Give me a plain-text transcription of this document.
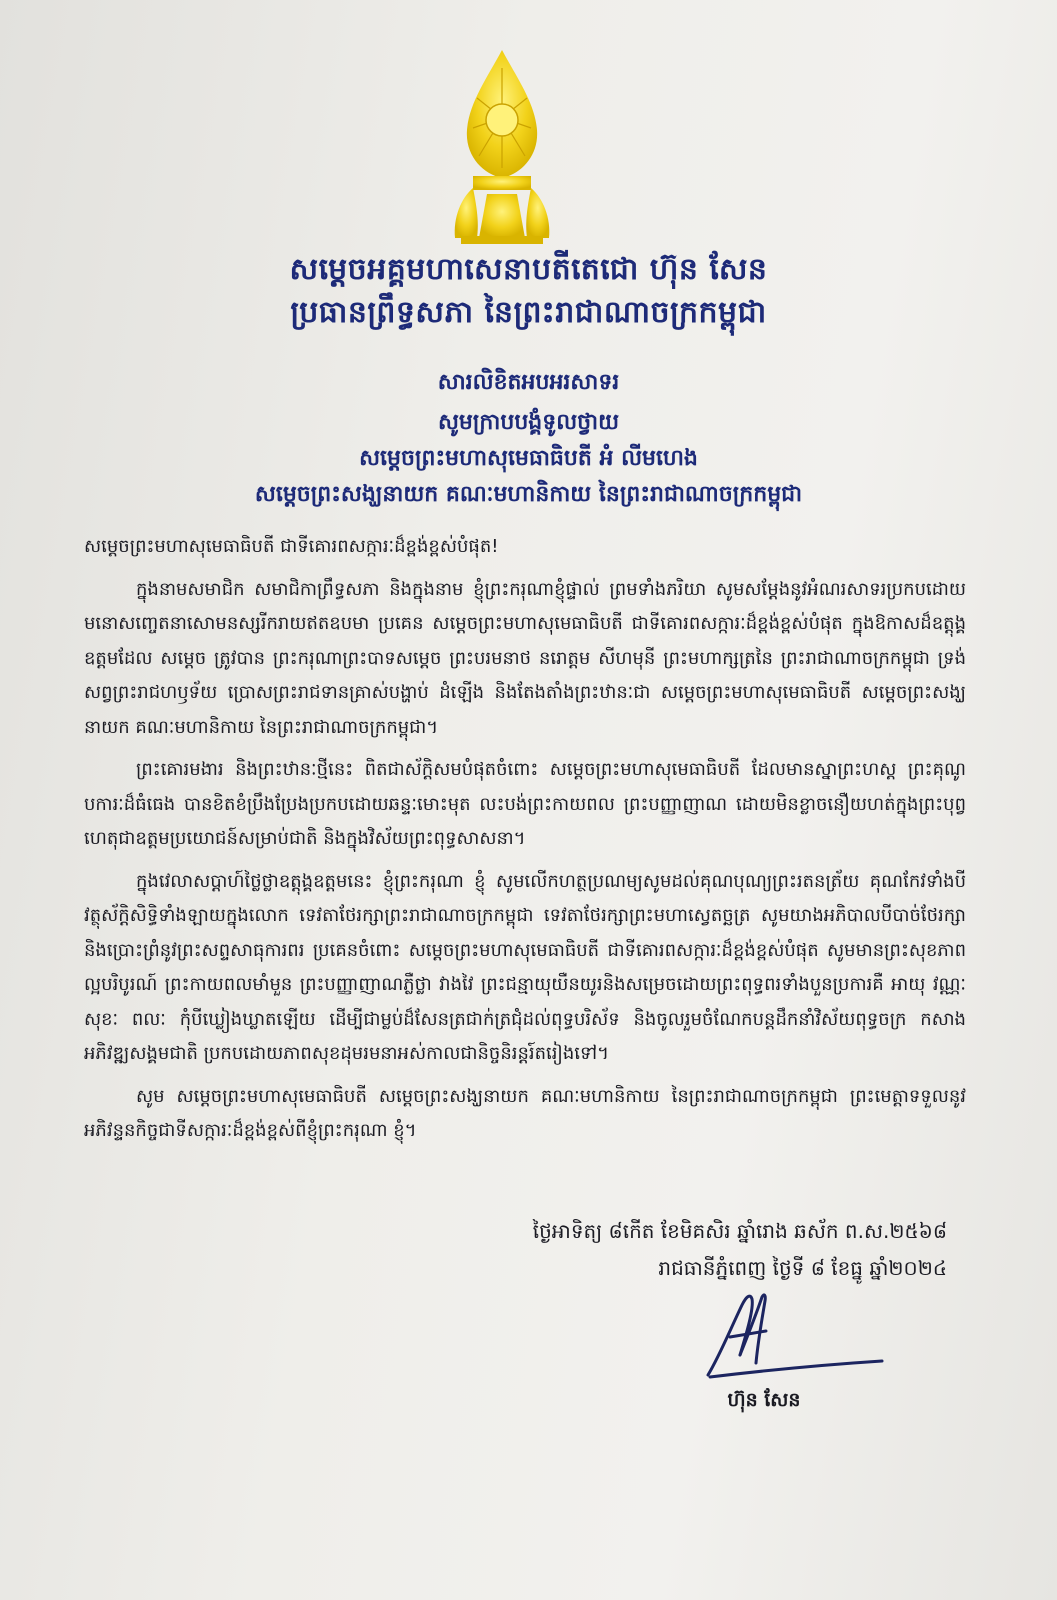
សម្តេចអគ្គមហាសេនាបតីតេជោ ហ៊ុន សែន
ប្រធានព្រឹទ្ធសភា នៃព្រះរាជាណាចក្រកម្ពុជា
សារលិខិតអបអរសាទរ
សូមក្រាបបង្គំទូលថ្វាយ
សម្តេចព្រះមហាសុមេធាធិបតី អំ លីមហេង
សម្តេចព្រះសង្ឃនាយក គណៈមហានិកាយ នៃព្រះរាជាណាចក្រកម្ពុជា

សម្តេចព្រះមហាសុមេធាធិបតី ជាទីគោរពសក្ការៈដ៏ខ្ពង់ខ្ពស់បំផុត!

ក្នុងនាមសមាជិក សមាជិកាព្រឹទ្ធសភា និងក្នុងនាម ខ្ញុំព្រះករុណាខ្ញុំផ្ទាល់ ព្រមទាំងភរិយា សូមសម្តែងនូវអំណរសាទរប្រកបដោយមនោសញ្ចេតនាសោមនស្សរីករាយឥតឧបមា ប្រគេន សម្តេចព្រះមហាសុមេធាធិបតី ជាទីគោរពសក្ការៈដ៏ខ្ពង់ខ្ពស់បំផុត ក្នុងឱកាសដ៏ឧត្តុង្គឧត្តមដែល សម្តេច ត្រូវបាន ព្រះករុណាព្រះបាទសម្តេច ព្រះបរមនាថ នរោត្តម សីហមុនី ព្រះមហាក្សត្រនៃ ព្រះរាជាណាចក្រកម្ពុជា ទ្រង់សព្វព្រះរាជហឫទ័យ ប្រោសព្រះរាជទានគ្រាស់បង្ហាប់ ដំឡើង និងតែងតាំងព្រះឋានៈជា សម្តេចព្រះមហាសុមេធាធិបតី សម្តេចព្រះសង្ឃនាយក គណៈមហានិកាយ នៃព្រះរាជាណាចក្រកម្ពុជា។

ព្រះគោរមងារ និងព្រះឋានៈថ្មីនេះ ពិតជាស័ក្តិសមបំផុតចំពោះ សម្តេចព្រះមហាសុមេធាធិបតី ដែលមានស្នាព្រះហស្ត ព្រះគុណូបការៈដ៏ធំធេង បានខិតខំប្រឹងប្រែងប្រកបដោយឆន្ទៈមោះមុត លះបង់ព្រះកាយពល ព្រះបញ្ញាញាណ ដោយមិនខ្លាចនឿយហត់ក្នុងព្រះបុព្វហេតុជាឧត្តមប្រយោជន៍សម្រាប់ជាតិ និងក្នុងវិស័យព្រះពុទ្ធសាសនា។

ក្នុងវេលាសប្តាហ៍ថ្លៃថ្លាឧត្តុង្គឧត្តមនេះ ខ្ញុំព្រះករុណា ខ្ញុំ សូមលើកហត្ថប្រណម្យសូមដល់គុណបុណ្យព្រះរតនត្រ័យ គុណកែវទាំងបី វត្ថុស័ក្តិសិទ្ធិទាំងឡាយក្នុងលោក ទេវតាថែរក្សាព្រះរាជាណាចក្រកម្ពុជា ទេវតាថែរក្សាព្រះមហាស្វេតច្ឆត្រ សូមយាងអភិបាលបីបាច់ថែរក្សា និងប្រោះព្រំនូវព្រះសព្ទសាធុការពរ ប្រគេនចំពោះ សម្តេចព្រះមហាសុមេធាធិបតី ជាទីគោរពសក្ការៈដ៏ខ្ពង់ខ្ពស់បំផុត សូមមានព្រះសុខភាពល្អបរិបូរណ៍ ព្រះកាយពលមាំមួន ព្រះបញ្ញាញាណភ្លឺថ្លា វាងវៃ ព្រះជន្មាយុយឺនយូរនិងសម្រេចដោយព្រះពុទ្ធពរទាំងបួនប្រការគឺ អាយុ វណ្ណៈ សុខៈ ពលៈ កុំបីឃ្លៀងឃ្លាតឡើយ ដើម្បីជាម្លប់ដ៏សែនត្រជាក់ត្រជុំដល់ពុទ្ធបរិស័ទ និងចូលរួមចំណែកបន្តដឹកនាំវិស័យពុទ្ធចក្រ កសាងអភិវឌ្ឍសង្គមជាតិ ប្រកបដោយភាពសុខដុមរមនាអស់កាលជានិច្ចនិរន្តរ៍តរៀងទៅ។

សូម សម្តេចព្រះមហាសុមេធាធិបតី សម្តេចព្រះសង្ឃនាយក គណៈមហានិកាយ នៃព្រះរាជាណាចក្រកម្ពុជា ព្រះមេត្តាទទួលនូវអភិវន្ទនកិច្ចជាទីសក្ការៈដ៏ខ្ពង់ខ្ពស់ពីខ្ញុំព្រះករុណា ខ្ញុំ។

ថ្ងៃអាទិត្យ ៨កើត ខែមិគសិរ ឆ្នាំរោង ឆស័ក ព.ស.២៥៦៨
រាជធានីភ្នំពេញ ថ្ងៃទី ៨ ខែធ្នូ ឆ្នាំ២០២៤
ហ៊ុន សែន
